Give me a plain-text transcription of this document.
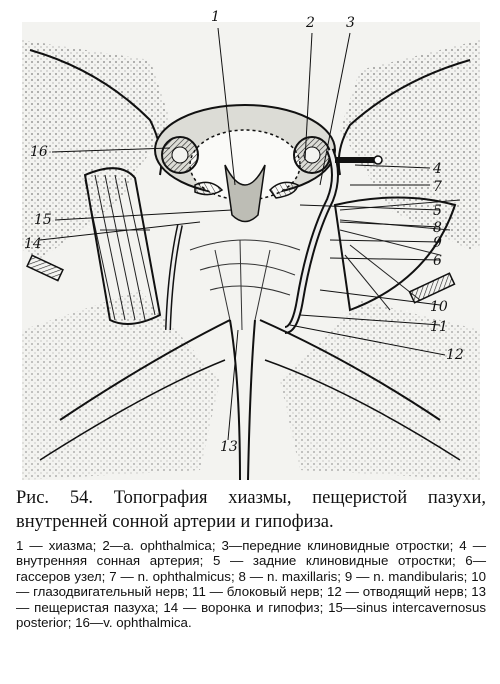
1	2 3
4
5
6
7
8
9
10
11
12
13
14
15
16

Рис. 54. Топография хиазмы, пещеристой пазухи, внутренней сонной артерии и гипофиза.

1 — хиазма; 2—a. ophthalmica; 3—передние клиновидные отростки; 4 — внутренняя сонная артерия; 5 — задние клиновидные отростки; 6—гассеров узел; 7 — n. ophthalmicus; 8 — n. maxillaris; 9 — n. mandibularis; 10 — глазодвигательный нерв; 11 — блоковый нерв; 12 — отводящий нерв; 13 — пещеристая пазуха; 14 — воронка и гипофиз; 15—sinus intercavernosus posterior; 16—v. ophthalmica.
